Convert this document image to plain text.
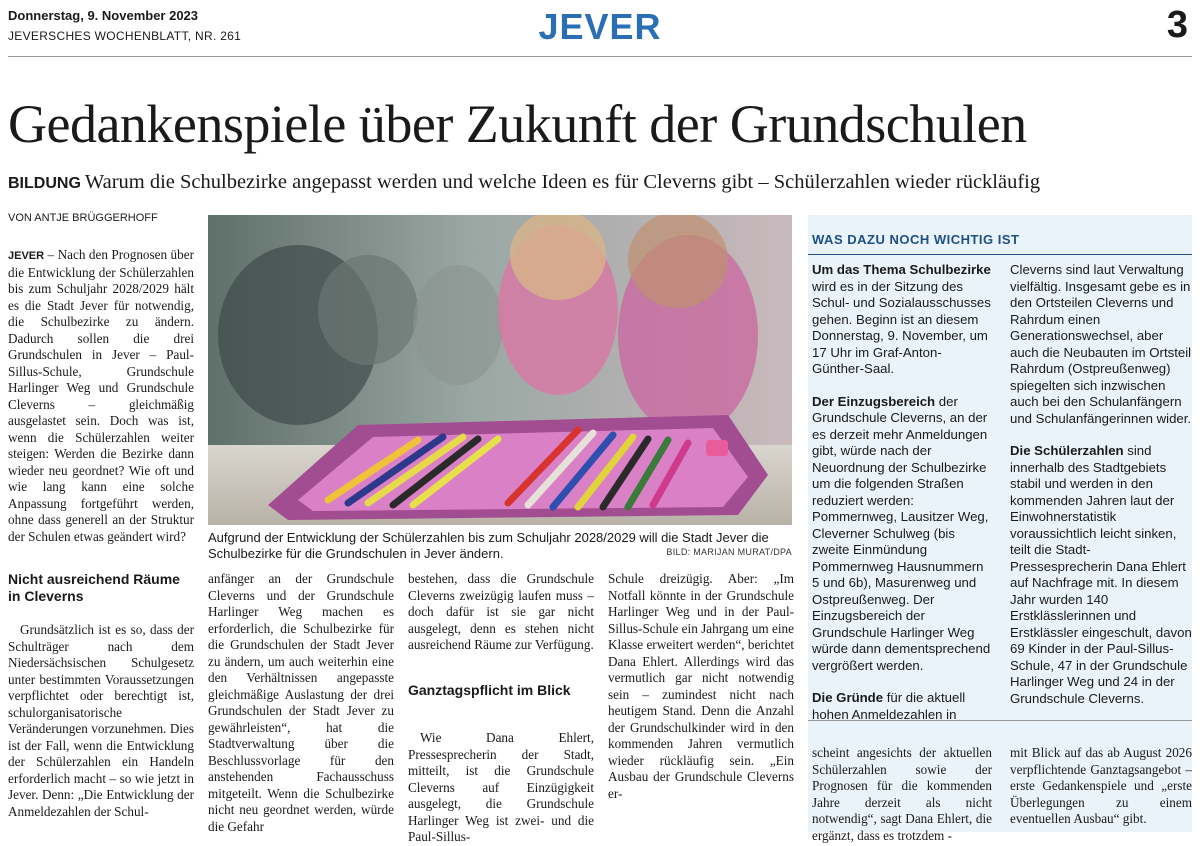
Donnerstag, 9. November 2023
JEVERSCHES WOCHENBLATT, NR. 261	JEVER	3
Gedankenspiele über Zukunft der Grundschulen
BILDUNG Warum die Schulbezirke angepasst werden und welche Ideen es für Cleverns gibt – Schülerzahlen wieder rückläufig
VON ANTJE BRÜGGERHOFF
JEVER – Nach den Prognosen über die Entwicklung der Schülerzahlen bis zum Schuljahr 2028/2029 hält es die Stadt Jever für notwendig, die Schulbezirke zu ändern. Dadurch sollen die drei Grundschulen in Jever – Paul-Sillus-Schule, Grundschule Harlinger Weg und Grundschule Cleverns – gleichmäßig ausgelastet sein. Doch was ist, wenn die Schülerzahlen weiter steigen: Werden die Bezirke dann wieder neu geordnet? Wie oft und wie lang kann eine solche Anpassung fortgeführt werden, ohne dass generell an der Struktur der Schulen etwas geändert wird?
Nicht ausreichend Räume in Cleverns
Grundsätzlich ist es so, dass der Schulträger nach dem Niedersächsischen Schulgesetz unter bestimmten Voraussetzungen verpflichtet oder berechtigt ist, schulorganisatorische Veränderungen vorzunehmen. Dies ist der Fall, wenn die Entwicklung der Schülerzahlen ein Handeln erforderlich macht – so wie jetzt in Jever. Denn: „Die Entwicklung der Anmeldezahlen der Schul-
Aufgrund der Entwicklung der Schülerzahlen bis zum Schuljahr 2028/2029 will die Stadt Jever die Schulbezirke für die Grundschulen in Jever ändern.	BILD: MARIJAN MURAT/DPA
anfänger an der Grundschule Cleverns und der Grundschule Harlinger Weg machen es erforderlich, die Schulbezirke für die Grundschulen der Stadt Jever zu ändern, um auch weiterhin eine den Verhältnissen angepasste gleichmäßige Auslastung der drei Grundschulen der Stadt Jever zu gewährleisten“, hat die Stadtverwaltung über die Beschlussvorlage für den anstehenden Fachausschuss mitgeteilt. Wenn die Schulbezirke nicht neu geordnet werden, würde die Gefahr
bestehen, dass die Grundschule Cleverns zweizügig laufen muss – doch dafür ist sie gar nicht ausgelegt, denn es stehen nicht ausreichend Räume zur Verfügung.
Ganztagspflicht im Blick
Wie Dana Ehlert, Pressesprecherin der Stadt, mitteilt, ist die Grundschule Cleverns auf Einzügigkeit ausgelegt, die Grundschule Harlinger Weg ist zwei- und die Paul-Sillus-
Schule dreizügig. Aber: „Im Notfall könnte in der Grundschule Harlinger Weg und in der Paul-Sillus-Schule ein Jahrgang um eine Klasse erweitert werden“, berichtet Dana Ehlert. Allerdings wird das vermutlich gar nicht notwendig sein – zumindest nicht nach heutigem Stand. Denn die Anzahl der Grundschulkinder wird in den kommenden Jahren vermutlich wieder rückläufig sein. „Ein Ausbau der Grundschule Cleverns er-
WAS DAZU NOCH WICHTIG IST
Um das Thema Schulbezirke wird es in der Sitzung des Schul- und Sozialausschusses gehen. Beginn ist an diesem Donnerstag, 9. November, um 17 Uhr im Graf-Anton-Günther-Saal.
Der Einzugsbereich der Grundschule Cleverns, an der es derzeit mehr Anmeldungen gibt, würde nach der Neuordnung der Schulbezirke um die folgenden Straßen reduziert werden: Pommernweg, Lausitzer Weg, Cleverner Schulweg (bis zweite Einmündung Pommernweg Hausnummern 5 und 6b), Masurenweg und Ostpreußenweg. Der Einzugsbereich der Grundschule Harlinger Weg würde dann dementsprechend vergrößert werden.
Die Gründe für die aktuell hohen Anmeldezahlen in
Cleverns sind laut Verwaltung vielfältig. Insgesamt gebe es in den Ortsteilen Cleverns und Rahrdum einen Generationswechsel, aber auch die Neubauten im Ortsteil Rahrdum (Ostpreußenweg) spiegelten sich inzwischen auch bei den Schulanfängern und Schulanfängerinnen wider.
Die Schülerzahlen sind innerhalb des Stadtgebiets stabil und werden in den kommenden Jahren laut der Einwohnerstatistik voraussichtlich leicht sinken, teilt die Stadt-Pressesprecherin Dana Ehlert auf Nachfrage mit. In diesem Jahr wurden 140 Erstklässlerinnen und Erstklässler eingeschult, davon 69 Kinder in der Paul-Sillus-Schule, 47 in der Grundschule Harlinger Weg und 24 in der Grundschule Cleverns.
scheint angesichts der aktuellen Schülerzahlen sowie der Prognosen für die kommenden Jahre derzeit als nicht notwendig“, sagt Dana Ehlert, die ergänzt, dass es trotzdem -
mit Blick auf das ab August 2026 verpflichtende Ganztagsangebot – erste Gedankenspiele und „erste Überlegungen zu einem eventuellen Ausbau“ gibt.
